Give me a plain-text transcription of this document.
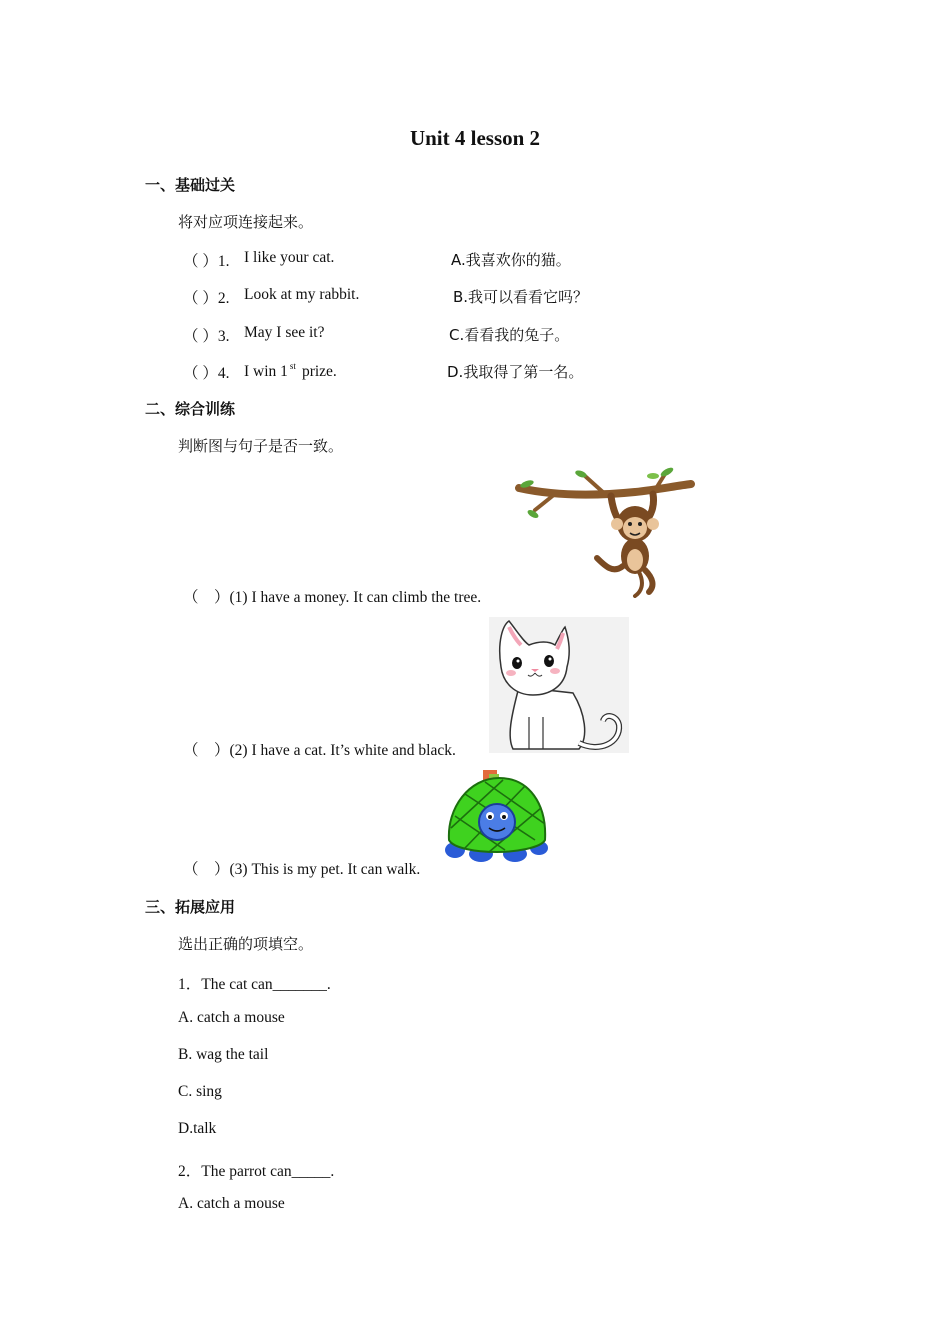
Unit 4 lesson 2
一、基础过关
将对应项连接起来。
（ ）1. I like your cat.	A.我喜欢你的猫。
（ ）2. Look at my rabbit.	B.我可以看看它吗？
（ ）3. May I see it?	C.看看我的兔子。
（ ）4. I win 1 $^{st}$ prize.	D.我取得了第一名。
二、综合训练
判断图与句子是否一致。
（　）(1) I have a money. It can climb the tree.
（　）(2) I have a cat. It’s white and black.
（　）(3) This is my pet. It can walk.
三、拓展应用
选出正确的项填空。
1．The cat can_______.
A. catch a mouse
B. wag the tail
C. sing
D.talk
2．The parrot can_____.
A. catch a mouse
